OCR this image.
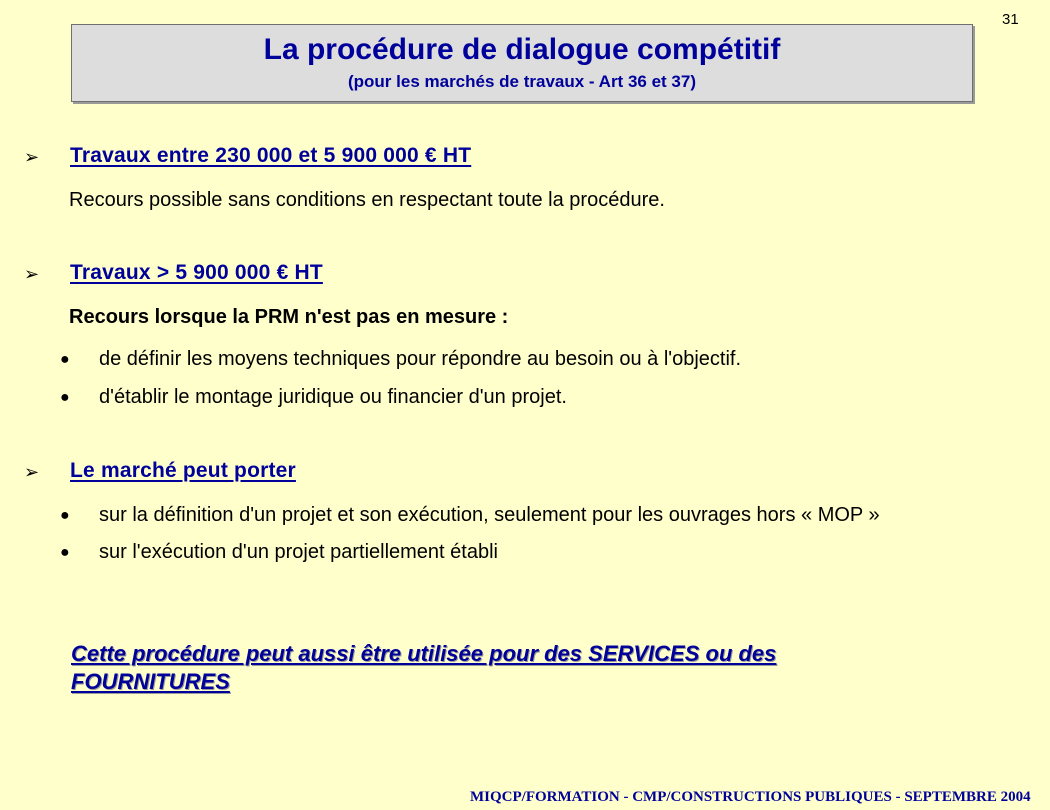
La procédure de dialogue compétitif
(pour les marchés de travaux - Art 36 et 37)
31
➢ Travaux entre 230 000 et 5 900 000 € HT
Recours possible sans conditions en respectant toute la procédure.
➢ Travaux > 5 900 000 € HT
Recours lorsque la PRM n'est pas en mesure :
● de définir les moyens techniques pour répondre au besoin ou à l'objectif.
● d'établir le montage juridique ou financier d'un projet.
➢ Le marché peut porter
● sur la définition d'un projet et son exécution, seulement pour les ouvrages hors « MOP »
● sur l'exécution d'un projet partiellement établi
Cette procédure peut aussi être utilisée pour des SERVICES ou des
FOURNITURES
MIQCP/FORMATION - CMP/CONSTRUCTIONS PUBLIQUES - SEPTEMBRE 2004
